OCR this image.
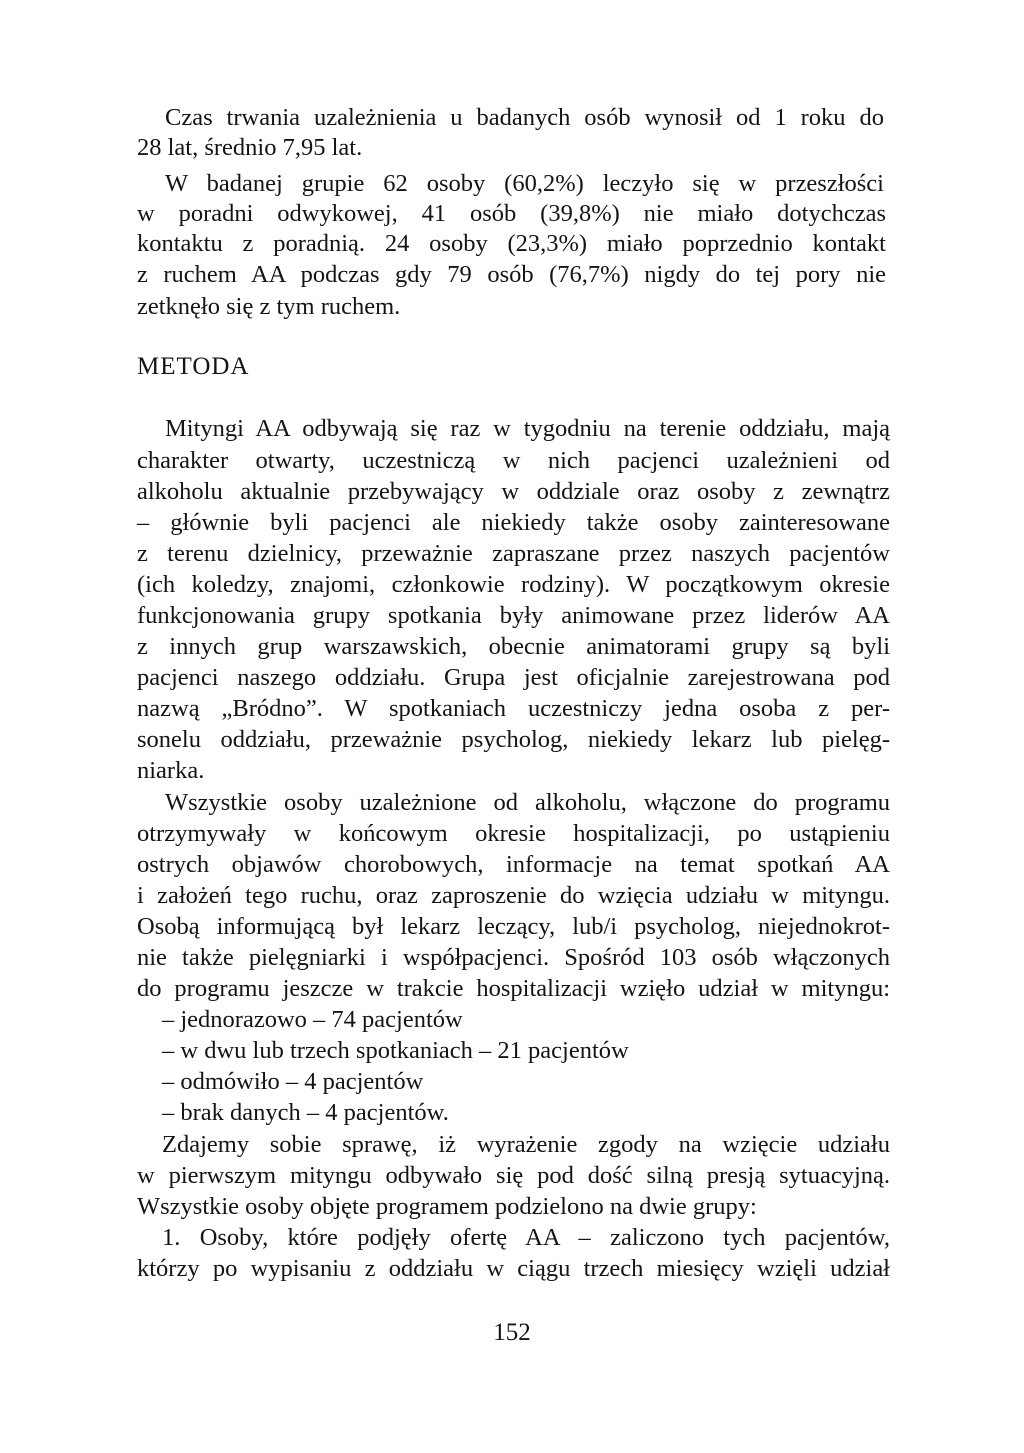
Czas trwania uzależnienia u badanych osób wynosił od 1 roku do
28 lat, średnio 7,95 lat.
W badanej grupie 62 osoby (60,2%) leczyło się w przeszłości
w poradni odwykowej, 41 osób (39,8%) nie miało dotychczas
kontaktu z poradnią. 24 osoby (23,3%) miało poprzednio kontakt
z ruchem AA podczas gdy 79 osób (76,7%) nigdy do tej pory nie
zetknęło się z tym ruchem.
METODA
Mityngi AA odbywają się raz w tygodniu na terenie oddziału, mają
charakter otwarty, uczestniczą w nich pacjenci uzależnieni od
alkoholu aktualnie przebywający w oddziale oraz osoby z zewnątrz
– głównie byli pacjenci ale niekiedy także osoby zainteresowane
z terenu dzielnicy, przeważnie zapraszane przez naszych pacjentów
(ich koledzy, znajomi, członkowie rodziny). W początkowym okresie
funkcjonowania grupy spotkania były animowane przez liderów AA
z innych grup warszawskich, obecnie animatorami grupy są byli
pacjenci naszego oddziału. Grupa jest oficjalnie zarejestrowana pod
nazwą „Bródno”. W spotkaniach uczestniczy jedna osoba z per-
sonelu oddziału, przeważnie psycholog, niekiedy lekarz lub pielęg-
niarka.
Wszystkie osoby uzależnione od alkoholu, włączone do programu
otrzymywały w końcowym okresie hospitalizacji, po ustąpieniu
ostrych objawów chorobowych, informacje na temat spotkań AA
i założeń tego ruchu, oraz zaproszenie do wzięcia udziału w mityngu.
Osobą informującą był lekarz leczący, lub/i psycholog, niejednokrot-
nie także pielęgniarki i współpacjenci. Spośród 103 osób włączonych
do programu jeszcze w trakcie hospitalizacji wzięło udział w mityngu:
– jednorazowo – 74 pacjentów
– w dwu lub trzech spotkaniach – 21 pacjentów
– odmówiło – 4 pacjentów
– brak danych – 4 pacjentów.
Zdajemy sobie sprawę, iż wyrażenie zgody na wzięcie udziału
w pierwszym mityngu odbywało się pod dość silną presją sytuacyjną.
Wszystkie osoby objęte programem podzielono na dwie grupy:
1. Osoby, które podjęły ofertę AA – zaliczono tych pacjentów,
którzy po wypisaniu z oddziału w ciągu trzech miesięcy wzięli udział
152
